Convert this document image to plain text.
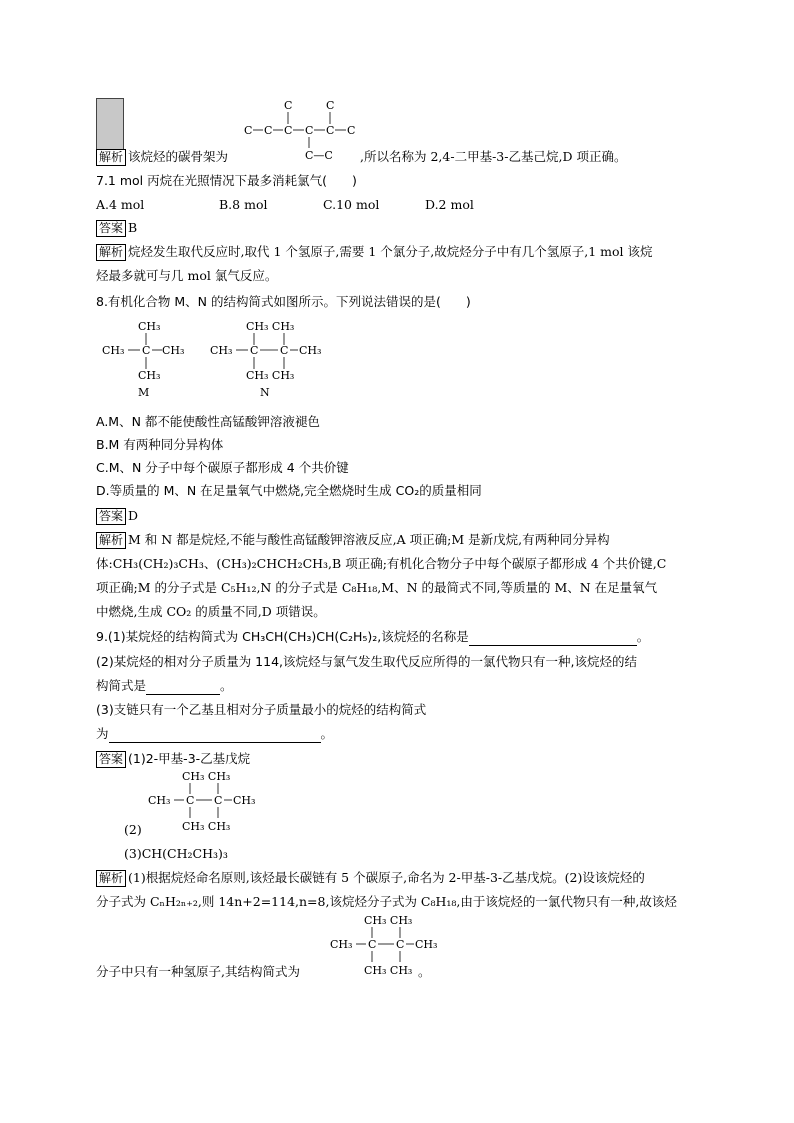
C	C
C C C C C C
C—C
解析 该烷烃的碳骨架为	,所以名称为 2,4-二甲基-3-乙基己烷,D 项正确。
7.1 mol 丙烷在光照情况下最多消耗氯气(　　)
A.4 mol	B.8 mol	C.10 mol	D.2 mol
答案 B
解析 烷烃发生取代反应时,取代 1 个氢原子,需要 1 个氯分子,故烷烃分子中有几个氢原子,1 mol 该烷
烃最多就可与几 mol 氯气反应。
8.有机化合物 M、N 的结构简式如图所示。下列说法错误的是(　　)
CH₃
CH₃ C CH₃
CH₃
M
CH₃ CH₃
CH₃ C C CH₃
CH₃ CH₃
N
A.M、N 都不能使酸性高锰酸钾溶液褪色
B.M 有两种同分异构体
C.M、N 分子中每个碳原子都形成 4 个共价键
D.等质量的 M、N 在足量氧气中燃烧,完全燃烧时生成 CO₂的质量相同
答案 D
解析 M 和 N 都是烷烃,不能与酸性高锰酸钾溶液反应,A 项正确;M 是新戊烷,有两种同分异构
体:CH₃(CH₂)₃CH₃、(CH₃)₂CHCH₂CH₃,B 项正确;有机化合物分子中每个碳原子都形成 4 个共价键,C
项正确;M 的分子式是 C₅H₁₂,N 的分子式是 C₈H₁₈,M、N 的最简式不同,等质量的 M、N 在足量氧气
中燃烧,生成 CO₂ 的质量不同,D 项错误。
9.(1)某烷烃的结构简式为 CH₃CH(CH₃)CH(C₂H₅)₂,该烷烃的名称是	。
(2)某烷烃的相对分子质量为 114,该烷烃与氯气发生取代反应所得的一氯代物只有一种,该烷烃的结
构简式是	。
(3)支链只有一个乙基且相对分子质量最小的烷烃的结构简式
为	。
答案 (1)2-甲基-3-乙基戊烷
CH₃ CH₃
CH₃ C C CH₃
CH₃ CH₃
(2)
(3)CH(CH₂CH₃)₃
解析 (1)根据烷烃命名原则,该烃最长碳链有 5 个碳原子,命名为 2-甲基-3-乙基戊烷。(2)设该烷烃的
分子式为 CₙH₂ₙ₊₂,则 14n+2=114,n=8,该烷烃分子式为 C₈H₁₈,由于该烷烃的一氯代物只有一种,故该烃
CH₃ CH₃
CH₃ C C CH₃
CH₃ CH₃
分子中只有一种氢原子,其结构简式为	。
